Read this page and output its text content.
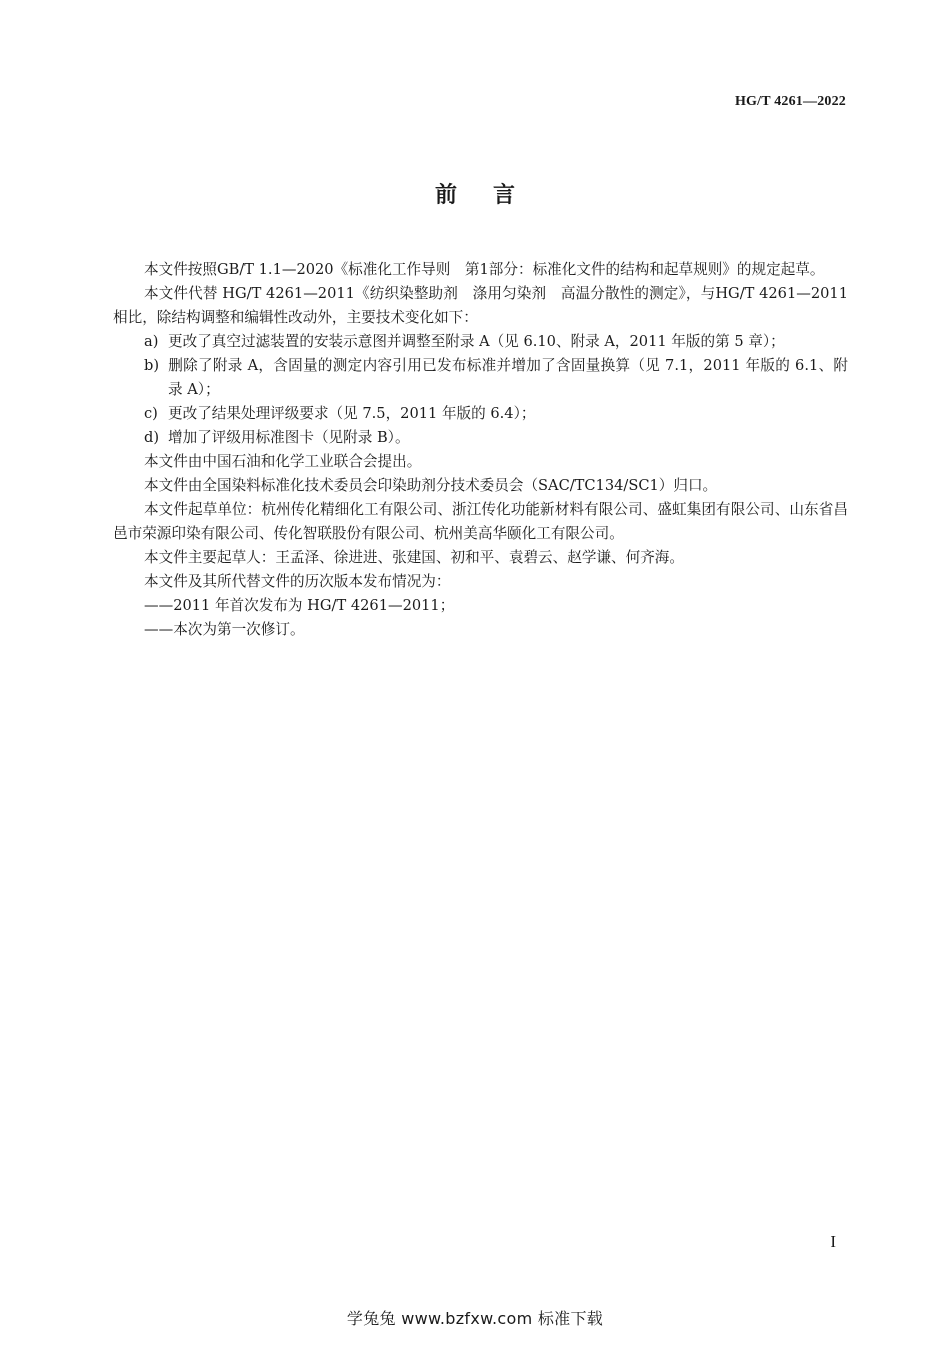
HG/T 4261—2022
前言

本文件按照GB/T 1.1—2020《标准化工作导则　第1部分：标准化文件的结构和起草规则》的规定起草。

本文件代替 HG/T 4261—2011《纺织染整助剂　涤用匀染剂　高温分散性的测定》，与HG/T 4261—2011 相比，除结构调整和编辑性改动外，主要技术变化如下：

a) 更改了真空过滤装置的安装示意图并调整至附录 A（见 6.10、附录 A，2011 年版的第 5 章）；

b) 删除了附录 A，含固量的测定内容引用已发布标准并增加了含固量换算（见 7.1，2011 年版的 6.1、附录 A）；

c) 更改了结果处理评级要求（见 7.5，2011 年版的 6.4）；

d) 增加了评级用标准图卡（见附录 B）。

本文件由中国石油和化学工业联合会提出。

本文件由全国染料标准化技术委员会印染助剂分技术委员会（SAC/TC134/SC1）归口。

本文件起草单位：杭州传化精细化工有限公司、浙江传化功能新材料有限公司、盛虹集团有限公司、山东省昌邑市荣源印染有限公司、传化智联股份有限公司、杭州美高华颐化工有限公司。

本文件主要起草人：王孟泽、徐进进、张建国、初和平、袁碧云、赵学谦、何齐海。

本文件及其所代替文件的历次版本发布情况为：

——2011 年首次发布为 HG/T 4261—2011；

——本次为第一次修订。

I
学兔兔 www.bzfxw.com 标准下载
